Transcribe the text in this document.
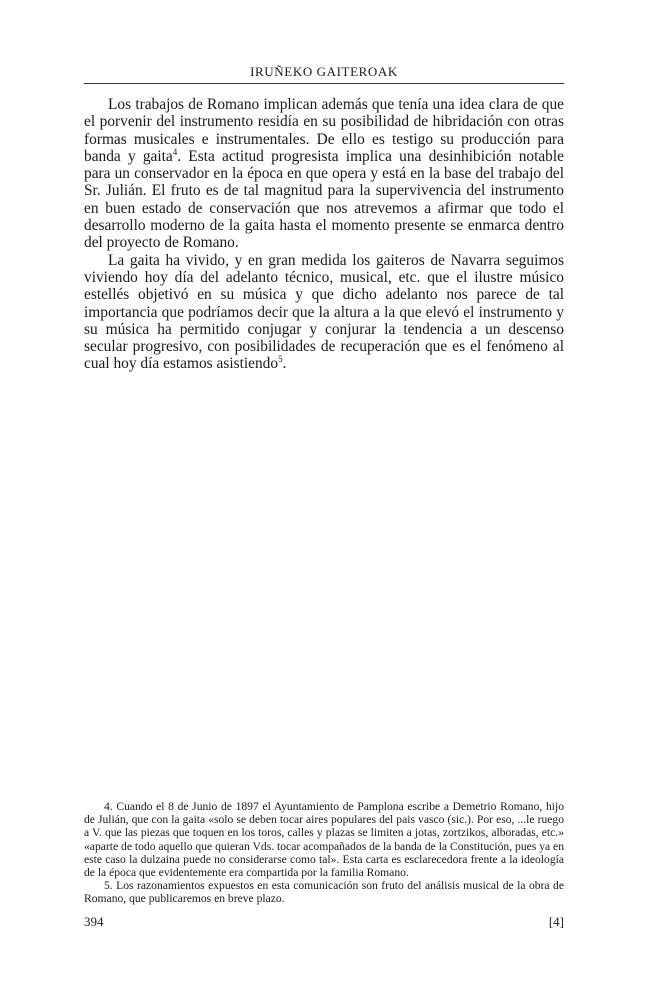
IRUÑEKO GAITEROAK

Los trabajos de Romano implican además que tenía una idea clara de que el porvenir del instrumento residía en su posibilidad de hibridación con otras formas musicales e instrumentales. De ello es testigo su producción para banda y gaita$^4$. Esta actitud progresista implica una desinhibición notable para un conservador en la época en que opera y está en la base del trabajo del Sr. Julián. El fruto es de tal magnitud para la supervivencia del instrumento en buen estado de conservación que nos atrevemos a afirmar que todo el desarrollo moderno de la gaita hasta el momento presente se enmarca dentro del proyecto de Romano.

La gaita ha vivido, y en gran medida los gaiteros de Navarra seguimos viviendo hoy día del adelanto técnico, musical, etc. que el ilustre músico estellés objetivó en su música y que dicho adelanto nos parece de tal importancia que podríamos decir que la altura a la que elevó el instrumento y su música ha permitido conjugar y conjurar la tendencia a un descenso secular progresivo, con posibilidades de recuperación que es el fenómeno al cual hoy día estamos asistiendo$^5$.

4. Cuando el 8 de Junio de 1897 el Ayuntamiento de Pamplona escribe a Demetrio Romano, hijo de Julián, que con la gaita «solo se deben tocar aires populares del pais vasco (sic.). Por eso, ...le ruego a V. que las piezas que toquen en los toros, calles y plazas se limiten a jotas, zortzikos, alboradas, etc.» «aparte de todo aquello que quieran Vds. tocar acompañados de la banda de la Constitución, pues ya en este caso la dulzaina puede no considerarse como tal». Esta carta es esclarecedora frente a la ideología de la época que evidentemente era compartida por la familia Romano.

5. Los razonamientos expuestos en esta comunicación son fruto del análisis musical de la obra de Romano, que publicaremos en breve plazo.

394	[4]
